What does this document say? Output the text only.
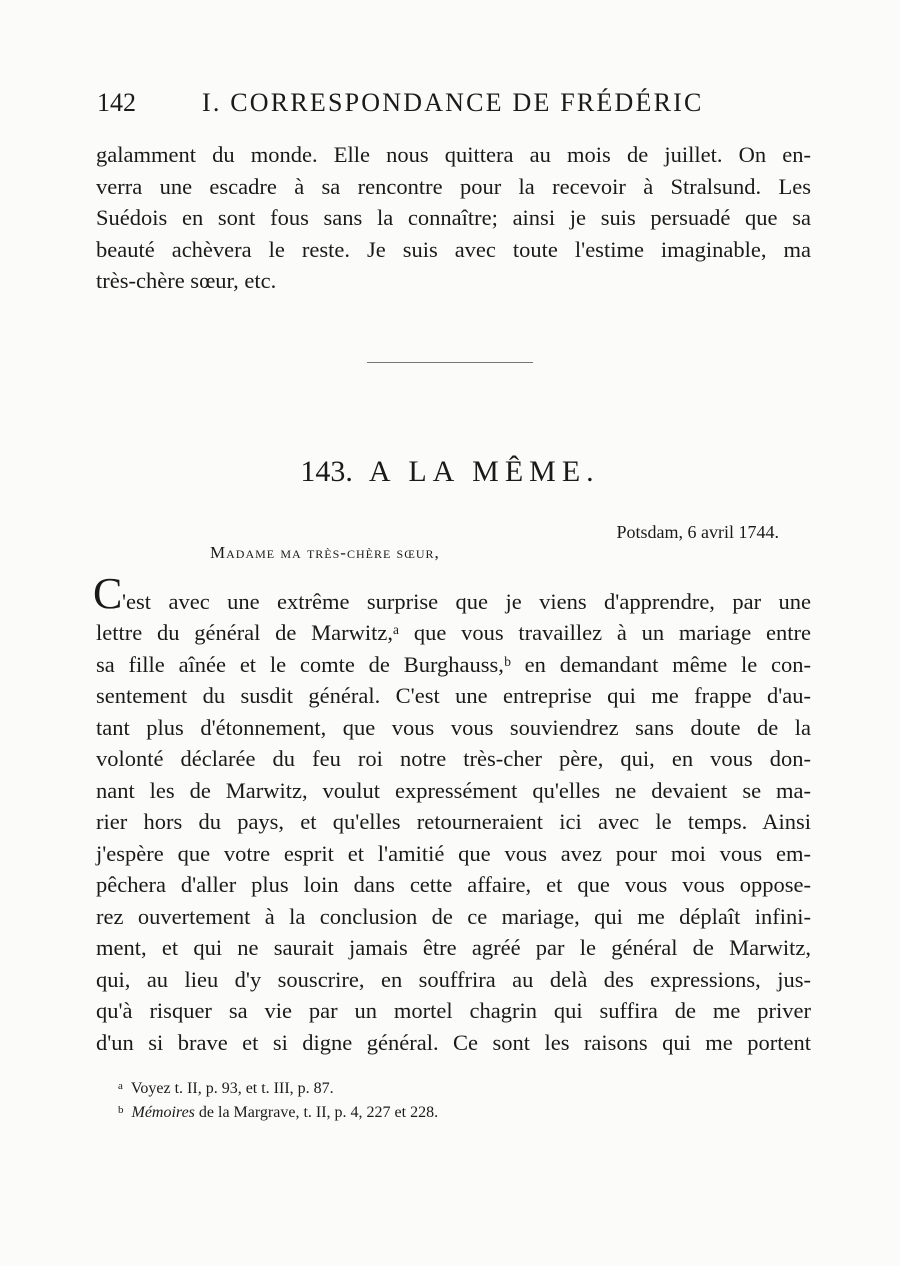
142	I. CORRESPONDANCE DE FRÉDÉRIC
galamment du monde. Elle nous quittera au mois de juillet. On en-
verra une escadre à sa rencontre pour la recevoir à Stralsund. Les
Suédois en sont fous sans la connaître; ainsi je suis persuadé que sa
beauté achèvera le reste. Je suis avec toute l'estime imaginable, ma
très-chère sœur, etc.
143. A LA MÊME.
Potsdam, 6 avril 1744.
Madame ma très-chère sœur,
C 'est avec une extrême surprise que je viens d'apprendre, par une
lettre du général de Marwitz,ᵃ que vous travaillez à un mariage entre
sa fille aînée et le comte de Burghauss,ᵇ en demandant même le con-
sentement du susdit général. C'est une entreprise qui me frappe d'au-
tant plus d'étonnement, que vous vous souviendrez sans doute de la
volonté déclarée du feu roi notre très-cher père, qui, en vous don-
nant les de Marwitz, voulut expressément qu'elles ne devaient se ma-
rier hors du pays, et qu'elles retourneraient ici avec le temps. Ainsi
j'espère que votre esprit et l'amitié que vous avez pour moi vous em-
pêchera d'aller plus loin dans cette affaire, et que vous vous oppose-
rez ouvertement à la conclusion de ce mariage, qui me déplaît infini-
ment, et qui ne saurait jamais être agréé par le général de Marwitz,
qui, au lieu d'y souscrire, en souffrira au delà des expressions, jus-
qu'à risquer sa vie par un mortel chagrin qui suffira de me priver
d'un si brave et si digne général. Ce sont les raisons qui me portent
$^a$ Voyez t. II, p. 93, et t. III, p. 87.
$^b$ Mémoires de la Margrave, t. II, p. 4, 227 et 228.
